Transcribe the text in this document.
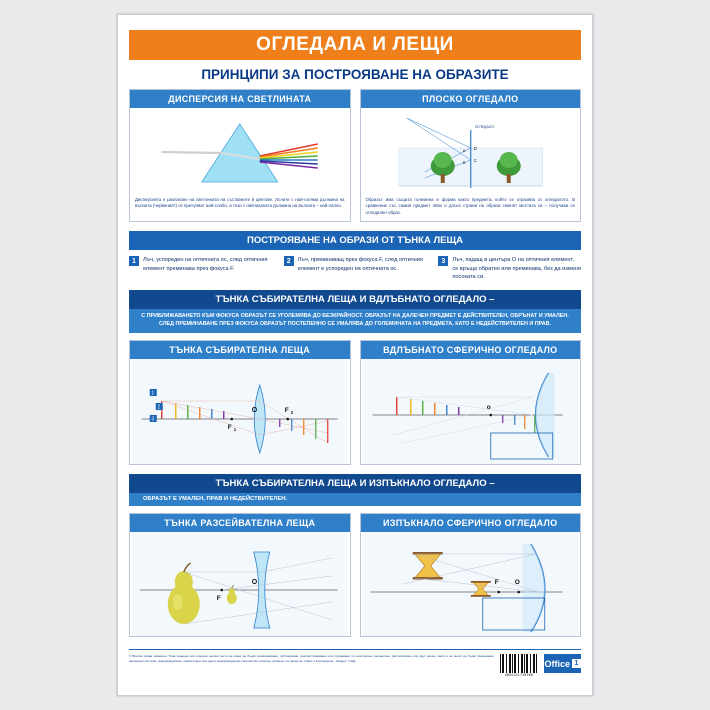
ОГЛЕДАЛА И ЛЕЩИ
ПРИНЦИПИ ЗА ПОСТРОЯВАНЕ НА ОБРАЗИТЕ
ДИСПЕРСИЯ НА СВЕТЛИНАТА
Дисперсията е разлагане на светлината на съставните ѝ цветове. Лъчите с най-голяма дължина на вълната (червеният) се пречупват най-слабо, а тези с най-малката дължина на вълната – най-силно.
ПЛОСКО ОГЛЕДАЛО
ОГЛЕДАЛО
D
C
A
B
Образът има същата големина и форма както предмета, който се отразява от огледалото. В сравнение със самия предмет ляво и дясно страни на образа сменят местата си – получава се огледален образ.
ПОСТРОЯВАНЕ НА ОБРАЗИ ОТ ТЪНКА ЛЕЩА
1	Лъч, успореден на оптичната ос, след оптичния елемент преминава през фокуса F.
2	Лъч, преминаващ през фокуса F, след оптичния елемент е успореден на оптичната ос.
3	Лъч, падащ в центъра О на оптичния елемент, се връща обратно или преминава, без да изменя посоката си.
ТЪНКА СЪБИРАТЕЛНА ЛЕЩА И ВДЛЪБНАТО ОГЛЕДАЛО –
С ПРИБЛИЖАВАНЕТО КЪМ ФОКУСА ОБРАЗЪТ СЕ УГОЛЕМЯВА ДО БЕЗКРАЙНОСТ. ОБРАЗЪТ НА ДАЛЕЧЕН ПРЕДМЕТ Е ДЕЙСТВИТЕЛЕН, ОБРЪНАТ И УМАЛЕН. СЛЕД ПРЕМИНАВАНЕ ПРЕЗ ФОКУСА ОБРАЗЪТ ПОСТЕПЕННО СЕ УМАЛЯВА ДО ГОЛЕМИНАТА НА ПРЕДМЕТА, КАТО Е НЕДЕЙСТВИТЕЛЕН И ПРАВ.
ТЪНКА СЪБИРАТЕЛНА ЛЕЩА
F 1
F 2
O
1
2
3
ВДЛЪБНАТО СФЕРИЧНО ОГЛЕДАЛО
o
ТЪНКА СЪБИРАТЕЛНА ЛЕЩА И ИЗПЪКНАЛО ОГЛЕДАЛО –
ОБРАЗЪТ Е УМАЛЕН, ПРАВ И НЕДЕЙСТВИТЕЛЕН.
ТЪНКА РАЗСЕЙВАТЕЛНА ЛЕЩА
F
O
ИЗПЪКНАЛО СФЕРИЧНО ОГЛЕДАЛО
F O
© Всички права запазени. Това издание или отделни негови части не може да бъдат размножавани, публикувани, разпространявани или предавани по електронен, механичен, фотокопиращ или друг начин, както и не могат да бъдат въвеждани вampерни системи, информационни, компютърни или други информационни системи без изрично писмено съгласие на „Офис 1 Кооперация - Ландес” ООД.
3800321735958
Office 1
